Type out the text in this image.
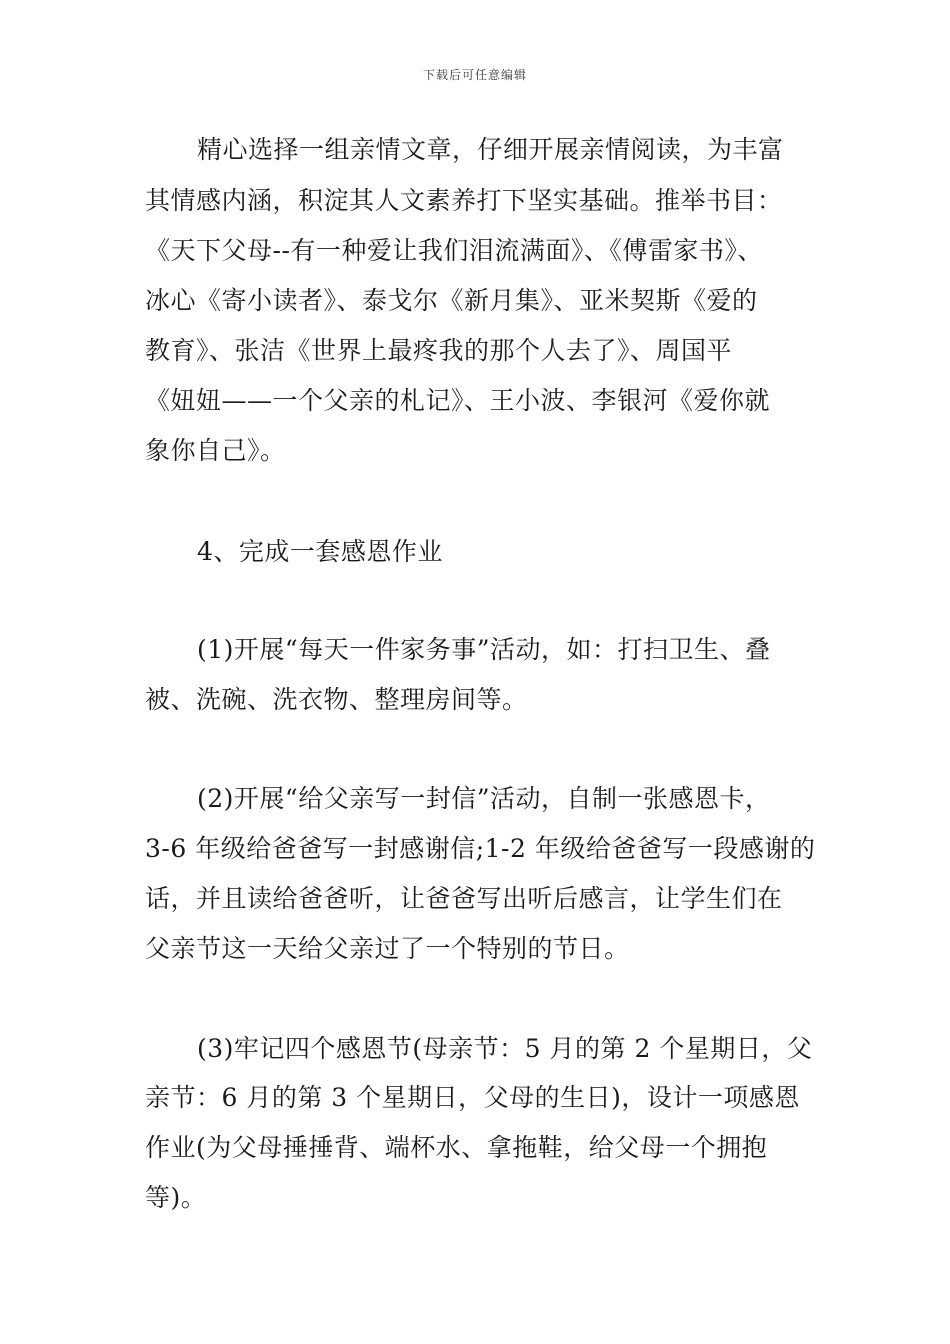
下载后可任意编辑
精心选择一组亲情文章，仔细开展亲情阅读，为丰富
其情感内涵，积淀其人文素养打下坚实基础。推举书目：
《天下父母--有一种爱让我们泪流满面》、《傅雷家书》、
冰心《寄小读者》、泰戈尔《新月集》、亚米契斯《爱的
教育》、张洁《世界上最疼我的那个人去了》、周国平
《妞妞——一个父亲的札记》、王小波、李银河《爱你就
象你自己》。
4、完成一套感恩作业
(1)开展“每天一件家务事”活动，如：打扫卫生、叠
被、洗碗、洗衣物、整理房间等。
(2)开展“给父亲写一封信”活动，自制一张感恩卡，
3-6 年级给爸爸写一封感谢信;1-2 年级给爸爸写一段感谢的
话，并且读给爸爸听，让爸爸写出听后感言，让学生们在
父亲节这一天给父亲过了一个特别的节日。
(3)牢记四个感恩节(母亲节：5 月的第 2 个星期日，父
亲节：6 月的第 3 个星期日，父母的生日)，设计一项感恩
作业(为父母捶捶背、端杯水、拿拖鞋，给父母一个拥抱
等)。
